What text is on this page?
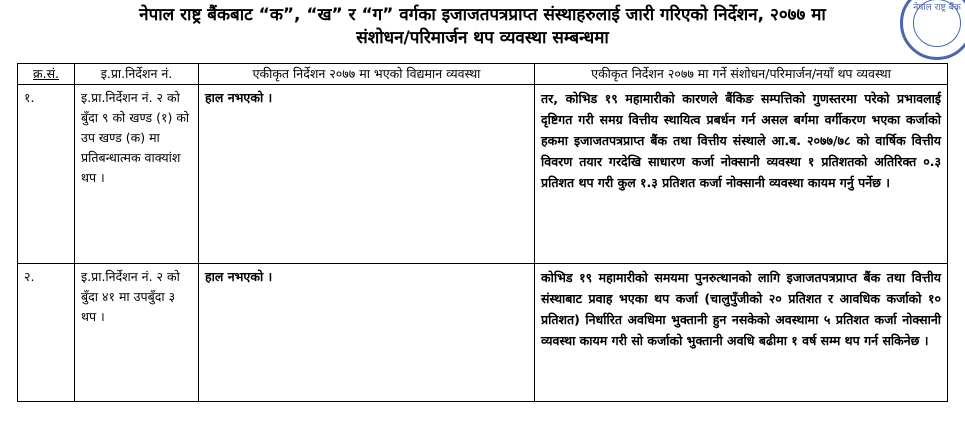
नेपाल राष्ट्र बैंकबाट “क”, “ख” र “ग” वर्गका इजाजतपत्रप्राप्त संस्थाहरुलाई जारी गरिएको निर्देशन, २०७७ मा
संशोधन/परिमार्जन थप व्यवस्था सम्बन्धमा
नेपाल राष्ट्र बैंक
क्र.सं.	इ.प्रा.निर्देशन नं.	एकीकृत निर्देशन २०७७ मा भएको विद्यमान व्यवस्था	एकीकृत निर्देशन २०७७ मा गर्ने संशोधन/परिमार्जन/नयाँ थप व्यवस्था
१.	इ.प्रा.निर्देशन नं. २ को बुँदा ९ को खण्ड (१) को उप खण्ड (क) मा प्रतिबन्धात्मक वाक्यांश थप ।	हाल नभएको ।	तर, कोभिड १९ महामारीको कारणले बैंकिङ सम्पत्तिको गुणस्तरमा परेको प्रभावलाई दृष्टिगत गरी समग्र वित्तीय स्थायित्व प्रबर्धन गर्न असल बर्गमा वर्गीकरण भएका कर्जाको हकमा इजाजतपत्रप्राप्त बैंक तथा वित्तीय संस्थाले आ.ब. २०७७/७८ को वार्षिक वित्तीय विवरण तयार गरदेखि साधारण कर्जा नोक्सानी व्यवस्था १ प्रतिशतको अतिरिक्त ०.३ प्रतिशत थप गरी कुल १.३ प्रतिशत कर्जा नोक्सानी व्यवस्था कायम गर्नु पर्नेछ ।
२.	इ.प्रा.निर्देशन नं. २ को बुँदा ४१ मा उपबुँदा ३ थप ।	हाल नभएको ।	कोभिड १९ महामारीको समयमा पुनरुत्थानको लागि इजाजतपत्रप्राप्त बैंक तथा वित्तीय संस्थाबाट प्रवाह भएका थप कर्जा (चालुपुँजीको २० प्रतिशत र आवधिक कर्जाको १० प्रतिशत) निर्धारित अवधिमा भुक्तानी हुन नसकेको अवस्थामा ५ प्रतिशत कर्जा नोक्सानी व्यवस्था कायम गरी सो कर्जाको भुक्तानी अवधि बढीमा १ वर्ष सम्म थप गर्न सकिनेछ ।
